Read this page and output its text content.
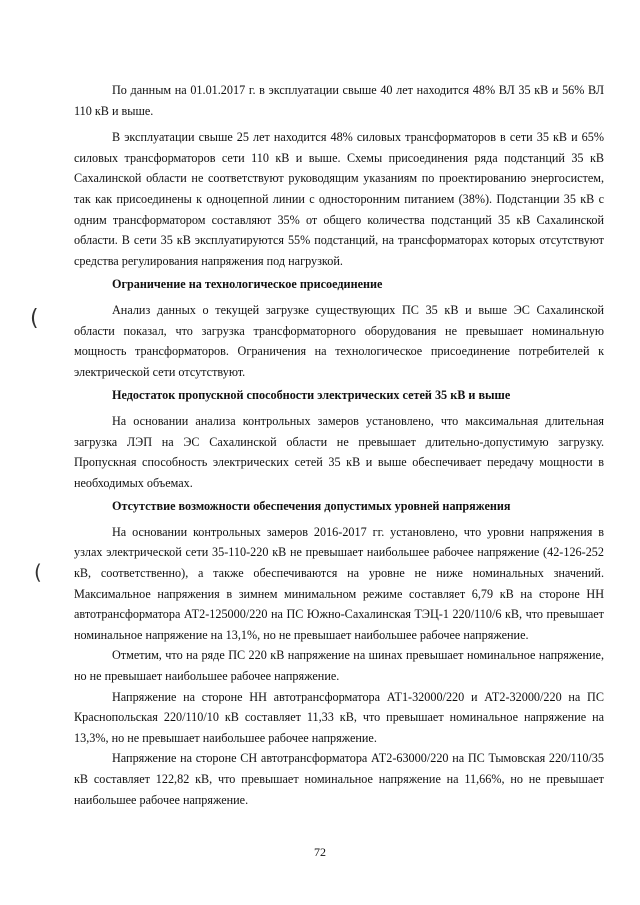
(
(

По данным на 01.01.2017 г. в эксплуатации свыше 40 лет находится 48% ВЛ 35 кВ и 56% ВЛ 110 кВ и выше.

В эксплуатации свыше 25 лет находится 48% силовых трансформаторов в сети 35 кВ и 65% силовых трансформаторов сети 110 кВ и выше. Схемы присоединения ряда подстанций 35 кВ Сахалинской области не соответствуют руководящим указаниям по проектированию энергосистем, так как присоединены к одноцепной линии с односторонним питанием (38%). Подстанции 35 кВ с одним трансформатором составляют 35% от общего количества подстанций 35 кВ Сахалинской области. В сети 35 кВ эксплуатируются 55% подстанций, на трансформаторах которых отсутствуют средства регулирования напряжения под нагрузкой.

Ограничение на технологическое присоединение

Анализ данных о текущей загрузке существующих ПС 35 кВ и выше ЭС Сахалинской области показал, что загрузка трансформаторного оборудования не превышает номинальную мощность трансформаторов. Ограничения на технологическое присоединение потребителей к электрической сети отсутствуют.

Недостаток пропускной способности электрических сетей 35 кВ и выше

На основании анализа контрольных замеров установлено, что максимальная длительная загрузка ЛЭП на ЭС Сахалинской области не превышает длительно-допустимую загрузку. Пропускная способность электрических сетей 35 кВ и выше обеспечивает передачу мощности в необходимых объемах.

Отсутствие возможности обеспечения допустимых уровней напряжения

На основании контрольных замеров 2016-2017 гг. установлено, что уровни напряжения в узлах электрической сети 35-110-220 кВ не превышает наибольшее рабочее напряжение (42-126-252 кВ, соответственно), а также обеспечиваются на уровне не ниже номинальных значений. Максимальное напряжения в зимнем минимальном режиме составляет 6,79 кВ на стороне НН автотрансформатора АТ2-125000/220 на ПС Южно-Сахалинская ТЭЦ-1 220/110/6 кВ, что превышает номинальное напряжение на 13,1%, но не превышает наибольшее рабочее напряжение.

Отметим, что на ряде ПС 220 кВ напряжение на шинах превышает номинальное напряжение, но не превышает наибольшее рабочее напряжение.

Напряжение на стороне НН автотрансформатора АТ1-32000/220 и АТ2-32000/220 на ПС Краснопольская 220/110/10 кВ составляет 11,33 кВ, что превышает номинальное напряжение на 13,3%, но не превышает наибольшее рабочее напряжение.

Напряжение на стороне СН автотрансформатора АТ2-63000/220 на ПС Тымовская 220/110/35 кВ составляет 122,82 кВ, что превышает номинальное напряжение на 11,66%, но не превышает наибольшее рабочее напряжение.

72
